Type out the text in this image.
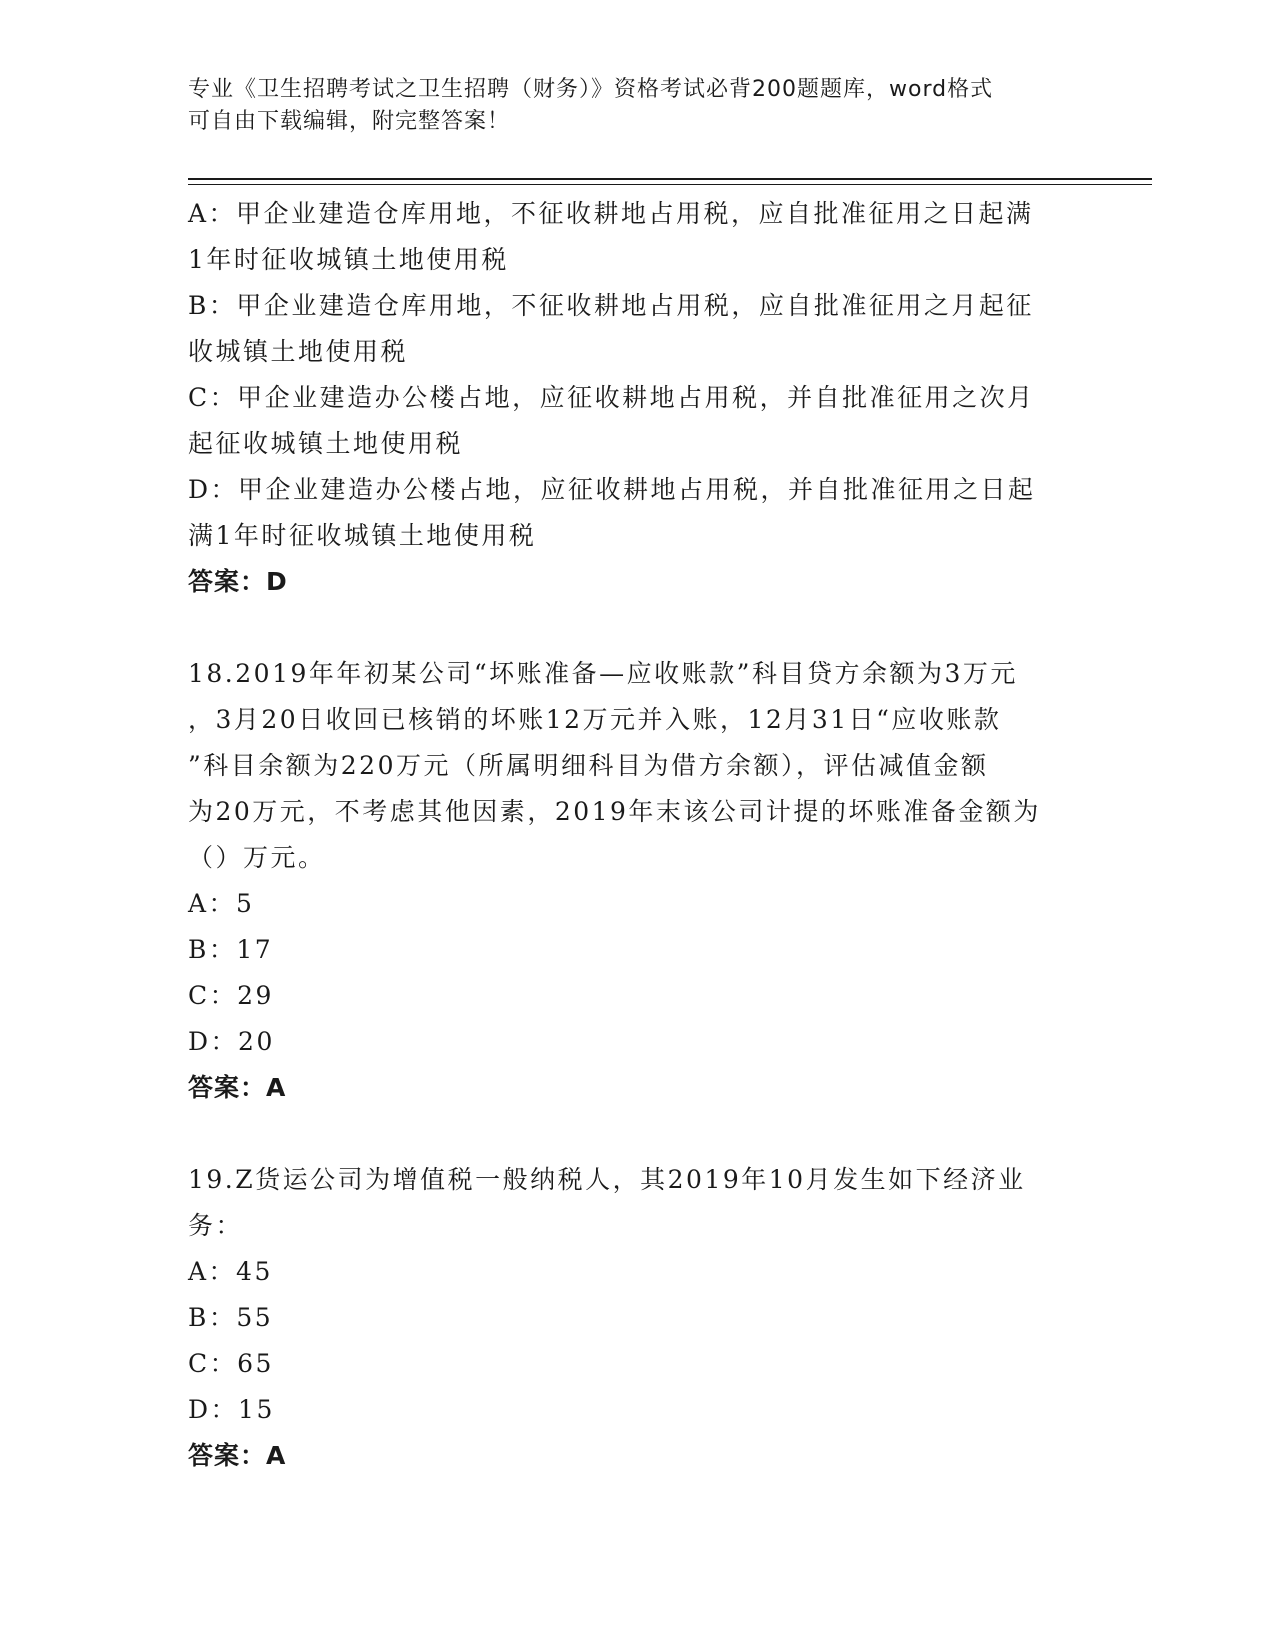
专业《卫生招聘考试之卫生招聘（财务）》资格考试必背200题题库，word格式
可自由下载编辑，附完整答案！
A：甲企业建造仓库用地，不征收耕地占用税，应自批准征用之日起满
1年时征收城镇土地使用税
B：甲企业建造仓库用地，不征收耕地占用税，应自批准征用之月起征
收城镇土地使用税
C：甲企业建造办公楼占地，应征收耕地占用税，并自批准征用之次月
起征收城镇土地使用税
D：甲企业建造办公楼占地，应征收耕地占用税，并自批准征用之日起
满1年时征收城镇土地使用税
答案：D
18.2019年年初某公司“坏账准备—应收账款”科目贷方余额为3万元
，3月20日收回已核销的坏账12万元并入账，12月31日“应收账款
”科目余额为220万元（所属明细科目为借方余额），评估减值金额
为20万元，不考虑其他因素，2019年末该公司计提的坏账准备金额为
（）万元。
A：5
B：17
C：29
D：20
答案：A
19.Z货运公司为增值税一般纳税人，其2019年10月发生如下经济业
务：
A：45
B：55
C：65
D：15
答案：A
